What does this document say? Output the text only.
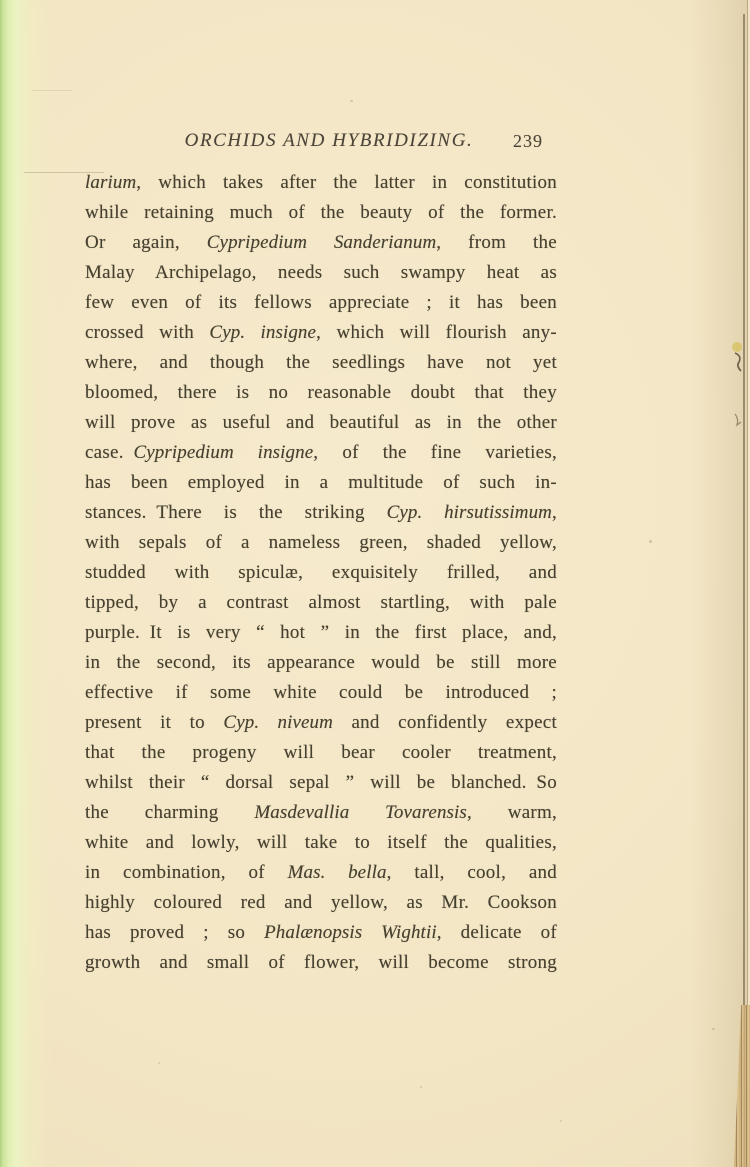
ORCHIDS AND HYBRIDIZING.	239
larium, which takes after the latter in constitution
while retaining much of the beauty of the former.
Or again, Cypripedium Sanderianum, from the
Malay Archipelago, needs such swampy heat as
few even of its fellows appreciate ; it has been
crossed with Cyp. insigne, which will flourish any-
where, and though the seedlings have not yet
bloomed, there is no reasonable doubt that they
will prove as useful and beautiful as in the other
case. Cypripedium insigne, of the fine varieties,
has been employed in a multitude of such in-
stances. There is the striking Cyp. hirsutissimum,
with sepals of a nameless green, shaded yellow,
studded with spiculæ, exquisitely frilled, and
tipped, by a contrast almost startling, with pale
purple. It is very “ hot ” in the first place, and,
in the second, its appearance would be still more
effective if some white could be introduced ;
present it to Cyp. niveum and confidently expect
that the progeny will bear cooler treatment,
whilst their “ dorsal sepal ” will be blanched. So
the charming Masdevallia Tovarensis, warm,
white and lowly, will take to itself the qualities,
in combination, of Mas. bella, tall, cool, and
highly coloured red and yellow, as Mr. Cookson
has proved ; so Phalænopsis Wightii, delicate of
growth and small of flower, will become strong
